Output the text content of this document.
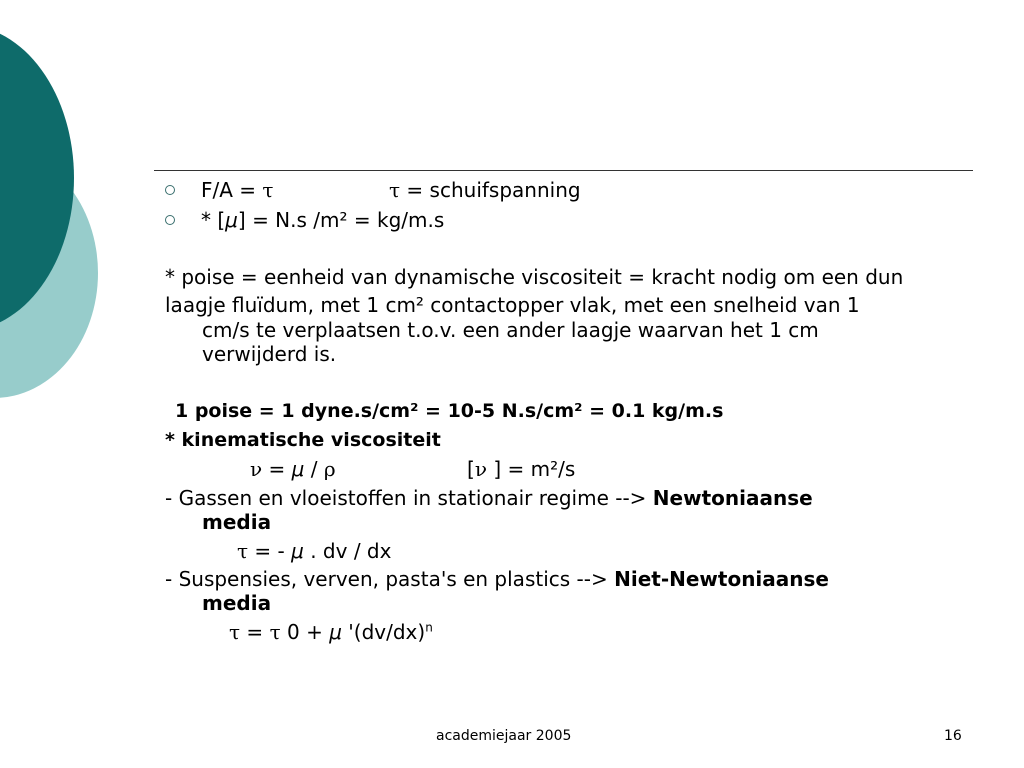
F/A = τ	τ = schuifspanning
* [μ] = N.s /m² = kg/m.s
* poise = eenheid van dynamische viscositeit = kracht nodig om een dun
laagje fluïdum, met 1 cm² contactopper vlak, met een snelheid van 1
cm/s te verplaatsen t.o.v. een ander laagje waarvan het 1 cm
verwijderd is.
1 poise = 1 dyne.s/cm² = 10-5 N.s/cm² = 0.1 kg/m.s
* kinematische viscositeit
ν = μ / ρ	[ν ] = m²/s
- Gassen en vloeistoffen in stationair regime --> Newtoniaanse
media
τ = - μ . dv / dx
- Suspensies, verven, pasta's en plastics --> Niet-Newtoniaanse
media
τ = τ 0 + μ '$(dv/dx)^n$
academiejaar 2005	16
